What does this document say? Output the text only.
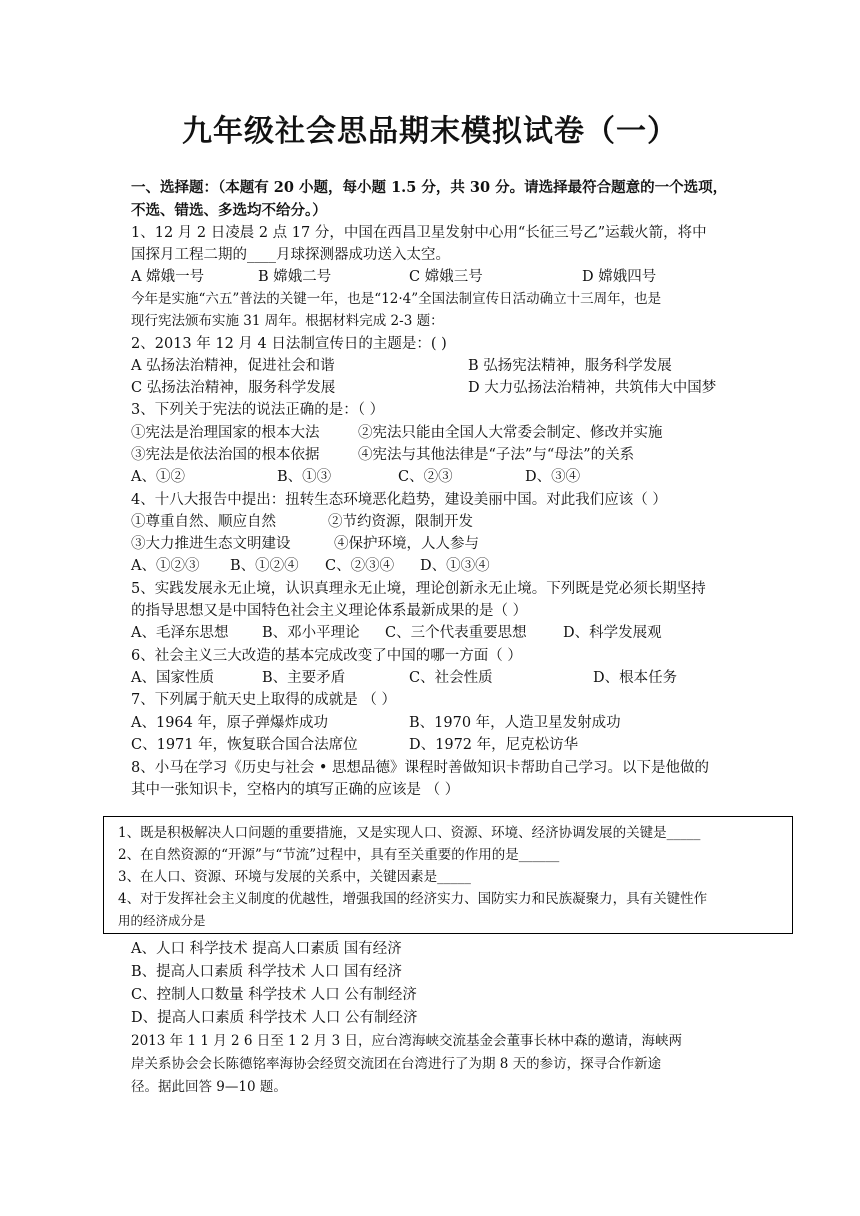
九年级社会思品期末模拟试卷（一）
一、选择题：（本题有 20 小题，每小题 1.5 分，共 30 分。请选择最符合题意的一个选项，
不选、错选、多选均不给分。）
1、12 月 2 日凌晨 2 点 17 分，中国在西昌卫星发射中心用“长征三号乙”运载火箭，将中
国探月工程二期的____月球探测器成功送入太空。
A 嫦娥一号	B 嫦娥二号	C 嫦娥三号	D 嫦娥四号
今年是实施“六五”普法的关键一年，也是“12·4”全国法制宣传日活动确立十三周年，也是
现行宪法颁布实施 31 周年。根据材料完成 2-3 题：
2、2013 年 12 月 4 日法制宣传日的主题是：( )
A 弘扬法治精神，促进社会和谐	B 弘扬宪法精神，服务科学发展
C 弘扬法治精神，服务科学发展	D 大力弘扬法治精神，共筑伟大中国梦
3、下列关于宪法的说法正确的是：（ ）
①宪法是治理国家的根本大法	②宪法只能由全国人大常委会制定、修改并实施
③宪法是依法治国的根本依据	④宪法与其他法律是“子法”与“母法”的关系
A、①②	B、①③	C、②③	D、③④
4、十八大报告中提出：扭转生态环境恶化趋势，建设美丽中国。对此我们应该（ ）
①尊重自然、顺应自然	②节约资源，限制开发
③大力推进生态文明建设	④保护环境，人人参与
A、①②③ B、①②④ C、②③④ D、①③④
5、实践发展永无止境，认识真理永无止境，理论创新永无止境。下列既是党必须长期坚持
的指导思想又是中国特色社会主义理论体系最新成果的是（ ）
A、毛泽东思想 B、邓小平理论 C、三个代表重要思想	D、科学发展观
6、社会主义三大改造的基本完成改变了中国的哪一方面（ ）
A、国家性质	B、主要矛盾	C、社会性质	D、根本任务
7、下列属于航天史上取得的成就是 （ ）
A、1964 年，原子弹爆炸成功	B、1970 年，人造卫星发射成功
C、1971 年，恢复联合国合法席位	D、1972 年，尼克松访华
8、小马在学习《历史与社会 • 思想品德》课程时善做知识卡帮助自己学习。以下是他做的
其中一张知识卡，空格内的填写正确的应该是 （ ）
1、既是积极解决人口问题的重要措施，又是实现人口、资源、环境、经济协调发展的关键是_____
2、在自然资源的“开源”与“节流”过程中，具有至关重要的作用的是______
3、在人口、资源、环境与发展的关系中，关键因素是_____
4、对于发挥社会主义制度的优越性，增强我国的经济实力、国防实力和民族凝聚力，具有关键性作
用的经济成分是
A、人口 科学技术 提高人口素质 国有经济
B、提高人口素质 科学技术 人口 国有经济
C、控制人口数量 科学技术 人口 公有制经济
D、提高人口素质 科学技术 人口 公有制经济
2013 年 1 1 月 2 6 日至 1 2 月 3 日，应台湾海峡交流基金会董事长林中森的邀请，海峡两
岸关系协会会长陈德铭率海协会经贸交流团在台湾进行了为期 8 天的参访，探寻合作新途
径。据此回答 9—10 题。
